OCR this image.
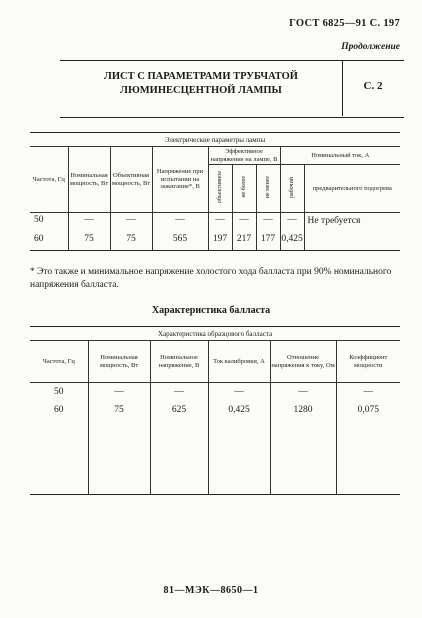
ГОСТ 6825—91 С. 197
Продолжение
ЛИСТ С ПАРАМЕТРАМИ ТРУБЧАТОЙ
ЛЮМИНЕСЦЕНТНОЙ ЛАМПЫ	С. 2
Электрические параметры лампы								
Частота, Гц	Номинальная мощность, Вт	Объективная мощность, Вт	Напряжение при испытании на зажигание*, В	Эффективное напряжение на лампе, В			Номинальный ток, А	
				объективное	не более	не менее	рабочий	предварительного подогрева
50	—	—	—	—	—	—	—	Не требуется
60	75	75	565	197	217	177	0,425	
* Это также и минимальное напряжение холостого хода балласта при 90% номинального напряжения балласта.
Характеристика балласта
Характеристика образцового балласта					
Частота, Гц	Номинальная мощность, Вт	Номинальное напряжение, В	Ток калибровки, А	Отношение напряжения к току, Ом	Коэффициент мощности
50	—	—	—	—	—
60	75	625	0,425	1280	0,075
81—МЭК—8650—1
